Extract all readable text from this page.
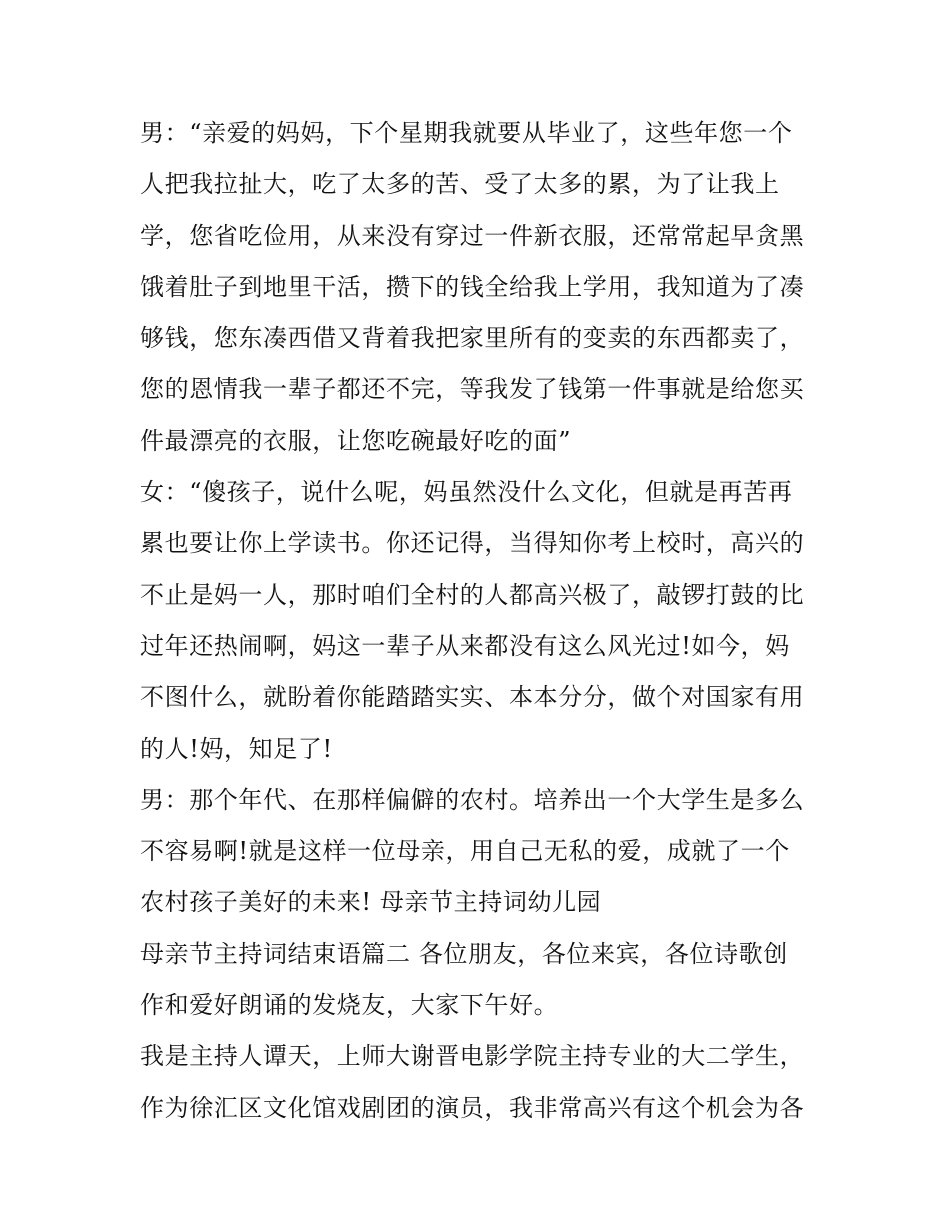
男：“亲爱的妈妈，下个星期我就要从毕业了，这些年您一个
人把我拉扯大，吃了太多的苦、受了太多的累，为了让我上
学，您省吃俭用，从来没有穿过一件新衣服，还常常起早贪黑
饿着肚子到地里干活，攒下的钱全给我上学用，我知道为了凑
够钱，您东凑西借又背着我把家里所有的变卖的东西都卖了，
您的恩情我一辈子都还不完，等我发了钱第一件事就是给您买
件最漂亮的衣服，让您吃碗最好吃的面”
女：“傻孩子，说什么呢，妈虽然没什么文化，但就是再苦再
累也要让你上学读书。你还记得，当得知你考上校时，高兴的
不止是妈一人，那时咱们全村的人都高兴极了，敲锣打鼓的比
过年还热闹啊，妈这一辈子从来都没有这么风光过!如今，妈
不图什么，就盼着你能踏踏实实、本本分分，做个对国家有用
的人!妈，知足了!
男：那个年代、在那样偏僻的农村。培养出一个大学生是多么
不容易啊!就是这样一位母亲，用自己无私的爱，成就了一个
农村孩子美好的未来! 母亲节主持词幼儿园
母亲节主持词结束语篇二 各位朋友，各位来宾，各位诗歌创
作和爱好朗诵的发烧友，大家下午好。
我是主持人谭天，上师大谢晋电影学院主持专业的大二学生，
作为徐汇区文化馆戏剧团的演员，我非常高兴有这个机会为各
